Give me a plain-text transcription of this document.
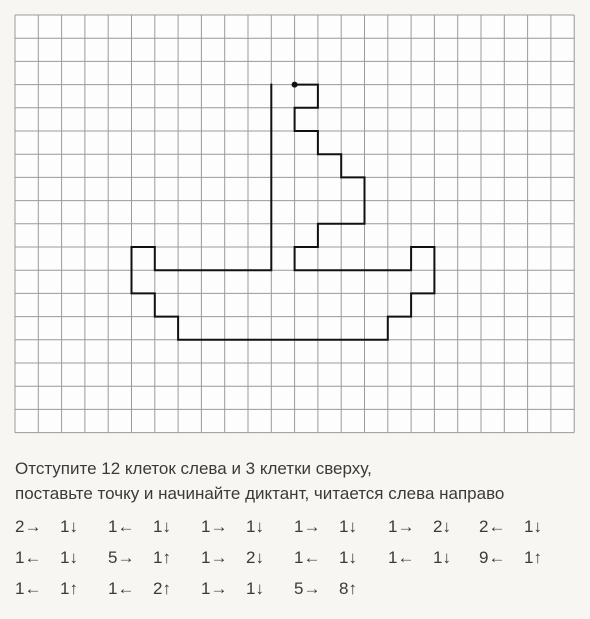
Отступите 12 клеток слева и 3 клетки сверху,
поставьте точку и начинайте диктант, читается слева направо

2→ 1↓ 1← 1↓ 1→ 1↓ 1→ 1↓ 1→ 2↓ 2← 1↓
1← 1↓ 5→ 1↑ 1→ 2↓ 1← 1↓ 1← 1↓ 9← 1↑
1← 1↑ 1← 2↑ 1→ 1↓ 5→ 8↑
